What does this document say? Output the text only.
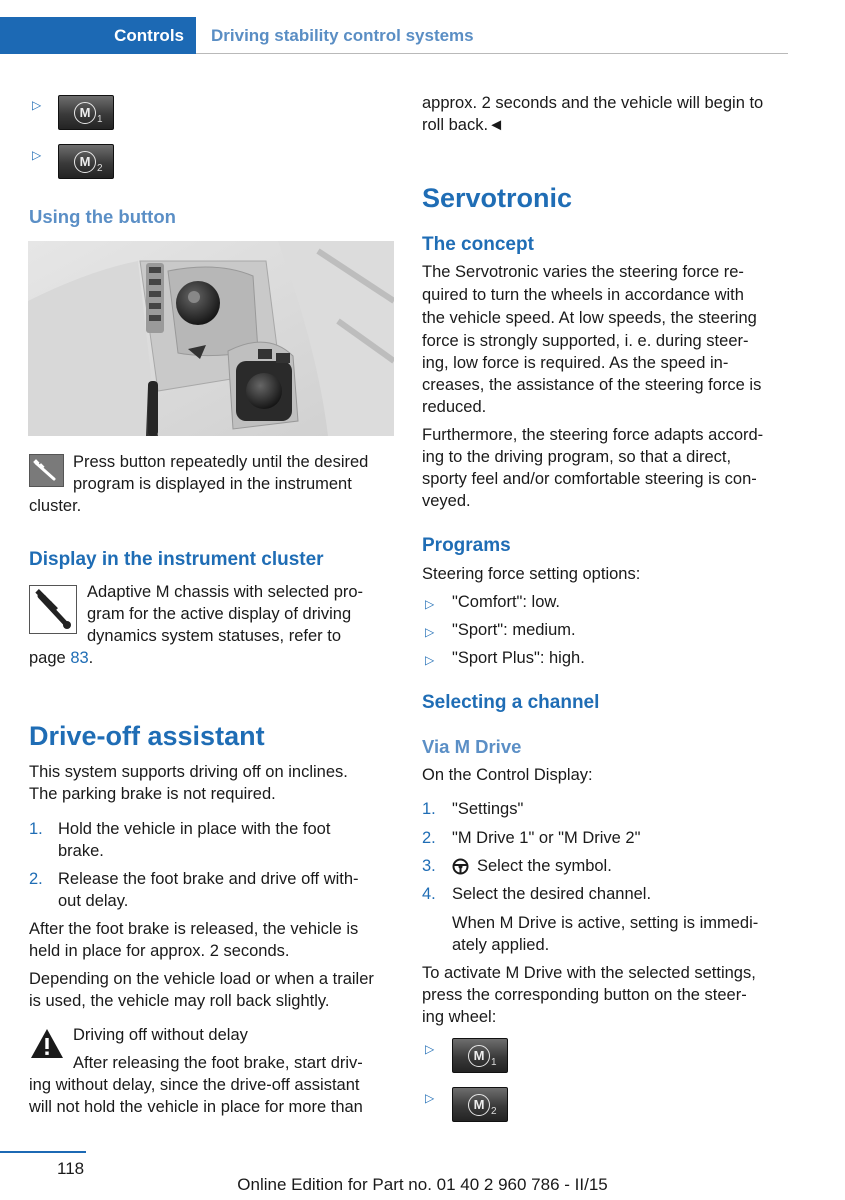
Controls	Driving stability control systems
▷	M 1
▷	M 2
Using the button
Press button repeatedly until the desired
program is displayed in the instrument
cluster.
Display in the instrument cluster
Adaptive M chassis with selected pro-
gram for the active display of driving
dynamics system statuses, refer to
page 83.
Drive-off assistant
This system supports driving off on inclines.
The parking brake is not required.
1. Hold the vehicle in place with the foot
brake.
2. Release the foot brake and drive off with-
out delay.
After the foot brake is released, the vehicle is
held in place for approx. 2 seconds.
Depending on the vehicle load or when a trailer
is used, the vehicle may roll back slightly.
Driving off without delay
After releasing the foot brake, start driv-
ing without delay, since the drive-off assistant
will not hold the vehicle in place for more than
approx. 2 seconds and the vehicle will begin to
roll back.◄
Servotronic
The concept
The Servotronic varies the steering force re-
quired to turn the wheels in accordance with
the vehicle speed. At low speeds, the steering
force is strongly supported, i. e. during steer-
ing, low force is required. As the speed in-
creases, the assistance of the steering force is
reduced.
Furthermore, the steering force adapts accord-
ing to the driving program, so that a direct,
sporty feel and/or comfortable steering is con-
veyed.
Programs
Steering force setting options:
▷ "Comfort": low.
▷ "Sport": medium.
▷ "Sport Plus": high.
Selecting a channel
Via M Drive
On the Control Display:
1. "Settings"
2. "M Drive 1" or "M Drive 2"
3. Select the symbol.
4. Select the desired channel.
When M Drive is active, setting is immedi-
ately applied.
To activate M Drive with the selected settings,
press the corresponding button on the steer-
ing wheel:
▷	M 1
▷	M 2
118
Online Edition for Part no. 01 40 2 960 786 - II/15
